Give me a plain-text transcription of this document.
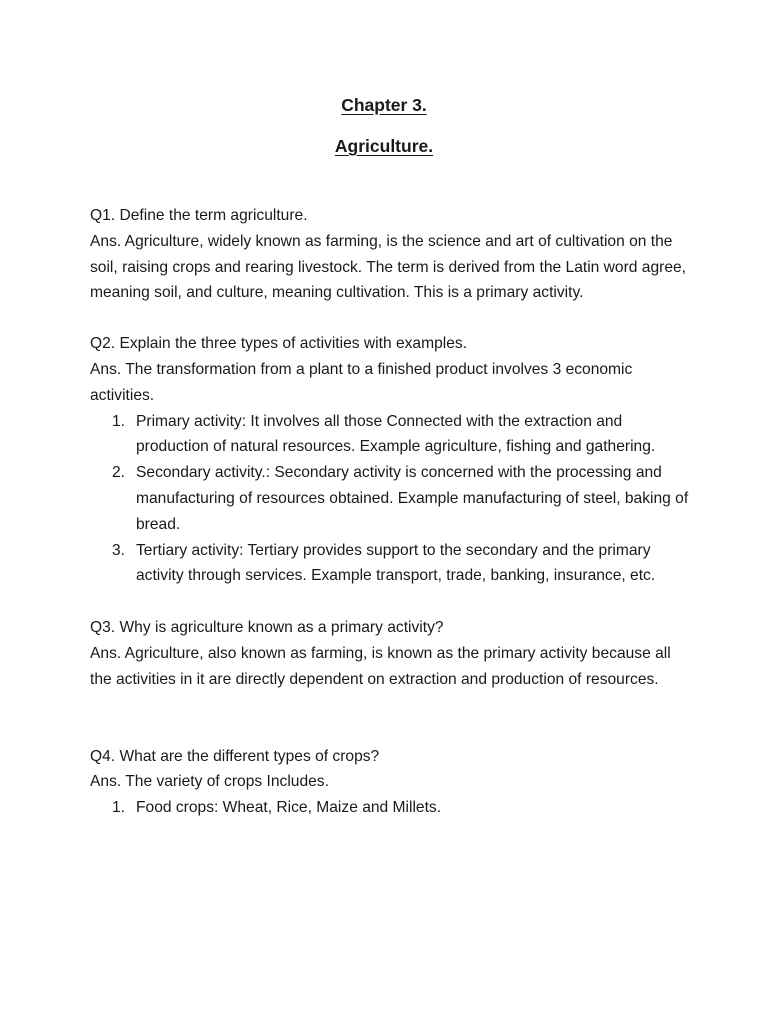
Chapter 3.
Agriculture.

Q1. Define the term agriculture.

Ans. Agriculture, widely known as farming, is the science and art of cultivation on the soil, raising crops and rearing livestock. The term is derived from the Latin word agree, meaning soil, and culture, meaning cultivation. This is a primary activity.

Q2. Explain the three types of activities with examples.

Ans. The transformation from a plant to a finished product involves 3 economic activities.

1. Primary activity: It involves all those Connected with the extraction and production of natural resources. Example agriculture, fishing and gathering.
2. Secondary activity.: Secondary activity is concerned with the processing and manufacturing of resources obtained. Example manufacturing of steel, baking of bread.
3. Tertiary activity: Tertiary provides support to the secondary and the primary activity through services. Example transport, trade, banking, insurance, etc.

Q3. Why is agriculture known as a primary activity?

Ans. Agriculture, also known as farming, is known as the primary activity because all the activities in it are directly dependent on extraction and production of resources.

Q4. What are the different types of crops?

Ans. The variety of crops Includes.

1. Food crops: Wheat, Rice, Maize and Millets.
